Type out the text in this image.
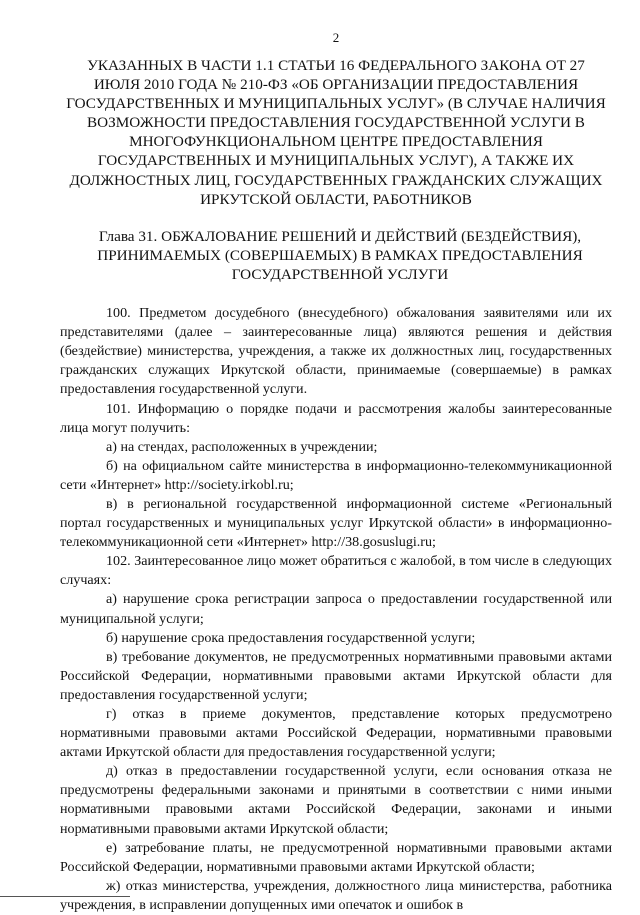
2
УКАЗАННЫХ В ЧАСТИ 1.1 СТАТЬИ 16 ФЕДЕРАЛЬНОГО ЗАКОНА ОТ 27 ИЮЛЯ 2010 ГОДА № 210-ФЗ «ОБ ОРГАНИЗАЦИИ ПРЕДОСТАВЛЕНИЯ ГОСУДАРСТВЕННЫХ И МУНИЦИПАЛЬНЫХ УСЛУГ» (В СЛУЧАЕ НАЛИЧИЯ ВОЗМОЖНОСТИ ПРЕДОСТАВЛЕНИЯ ГОСУДАРСТВЕННОЙ УСЛУГИ В МНОГОФУНКЦИОНАЛЬНОМ ЦЕНТРЕ ПРЕДОСТАВЛЕНИЯ ГОСУДАРСТВЕННЫХ И МУНИЦИПАЛЬНЫХ УСЛУГ), А ТАКЖЕ ИХ ДОЛЖНОСТНЫХ ЛИЦ, ГОСУДАРСТВЕННЫХ ГРАЖДАНСКИХ СЛУЖАЩИХ ИРКУТСКОЙ ОБЛАСТИ, РАБОТНИКОВ
Глава 31. ОБЖАЛОВАНИЕ РЕШЕНИЙ И ДЕЙСТВИЙ (БЕЗДЕЙСТВИЯ), ПРИНИМАЕМЫХ (СОВЕРШАЕМЫХ) В РАМКАХ ПРЕДОСТАВЛЕНИЯ ГОСУДАРСТВЕННОЙ УСЛУГИ

100. Предметом досудебного (внесудебного) обжалования заявителями или их представителями (далее – заинтересованные лица) являются решения и действия (бездействие) министерства, учреждения, а также их должностных лиц, государственных гражданских служащих Иркутской области, принимаемые (совершаемые) в рамках предоставления государственной услуги.

101. Информацию о порядке подачи и рассмотрения жалобы заинтересованные лица могут получить:

а) на стендах, расположенных в учреждении;

б) на официальном сайте министерства в информационно-телекоммуникационной сети «Интернет» http://society.irkobl.ru;

в) в региональной государственной информационной системе «Региональный портал государственных и муниципальных услуг Иркутской области» в информационно-телекоммуникационной сети «Интернет» http://38.gosuslugi.ru;

102. Заинтересованное лицо может обратиться с жалобой, в том числе в следующих случаях:

а) нарушение срока регистрации запроса о предоставлении государственной или муниципальной услуги;

б) нарушение срока предоставления государственной услуги;

в) требование документов, не предусмотренных нормативными правовыми актами Российской Федерации, нормативными правовыми актами Иркутской области для предоставления государственной услуги;

г) отказ в приеме документов, представление которых предусмотрено нормативными правовыми актами Российской Федерации, нормативными правовыми актами Иркутской области для предоставления государственной услуги;

д) отказ в предоставлении государственной услуги, если основания отказа не предусмотрены федеральными законами и принятыми в соответствии с ними иными нормативными правовыми актами Российской Федерации, законами и иными нормативными правовыми актами Иркутской области;

е) затребование платы, не предусмотренной нормативными правовыми актами Российской Федерации, нормативными правовыми актами Иркутской области;

ж) отказ министерства, учреждения, должностного лица министерства, работника учреждения, в исправлении допущенных ими опечаток и ошибок в
